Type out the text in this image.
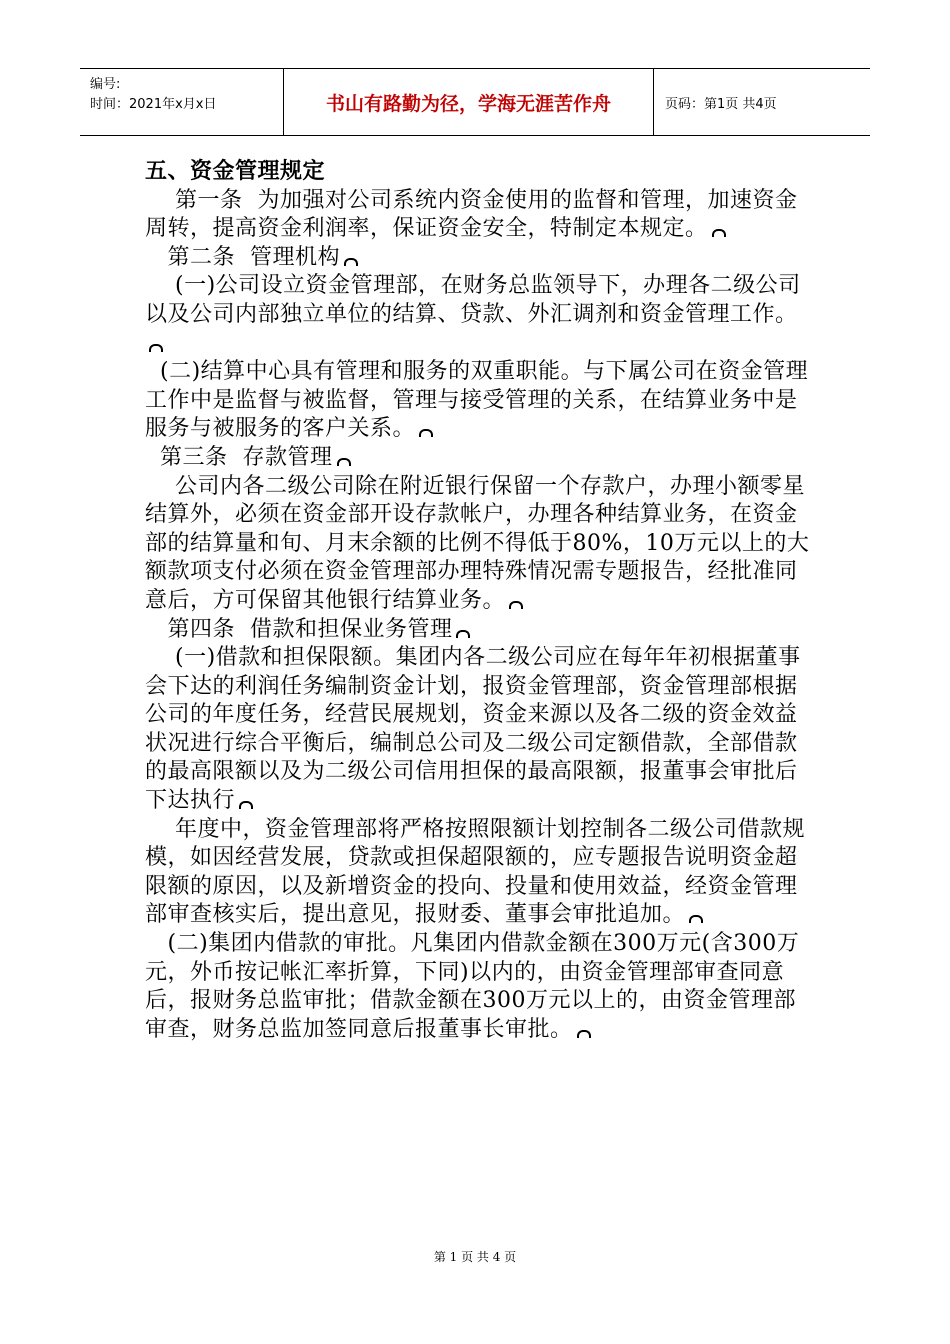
编号:
时间：2021年x月x日	书山有路勤为径，学海无涯苦作舟	页码：第1页 共4页

五、资金管理规定

第一条  为加强对公司系统内资金使用的监督和管理，加速资金周转，提高资金利润率，保证资金安全，特制定本规定。

第二条  管理机构

(一)公司设立资金管理部，在财务总监领导下，办理各二级公司以及公司内部独立单位的结算、贷款、外汇调剂和资金管理工作。

(二)结算中心具有管理和服务的双重职能。与下属公司在资金管理工作中是监督与被监督，管理与接受管理的关系，在结算业务中是服务与被服务的客户关系。

第三条  存款管理

公司内各二级公司除在附近银行保留一个存款户，办理小额零星结算外，必须在资金部开设存款帐户，办理各种结算业务，在资金部的结算量和旬、月末余额的比例不得低于80%，10万元以上的大额款项支付必须在资金管理部办理特殊情况需专题报告，经批准同意后，方可保留其他银行结算业务。

第四条  借款和担保业务管理

(一)借款和担保限额。集团内各二级公司应在每年年初根据董事会下达的利润任务编制资金计划，报资金管理部，资金管理部根据公司的年度任务，经营民展规划，资金来源以及各二级的资金效益状况进行综合平衡后，编制总公司及二级公司定额借款，全部借款的最高限额以及为二级公司信用担保的最高限额，报董事会审批后下达执行

年度中，资金管理部将严格按照限额计划控制各二级公司借款规模，如因经营发展，贷款或担保超限额的，应专题报告说明资金超限额的原因，以及新增资金的投向、投量和使用效益，经资金管理部审查核实后，提出意见，报财委、董事会审批追加。

(二)集团内借款的审批。凡集团内借款金额在300万元(含300万元，外币按记帐汇率折算，下同)以内的，由资金管理部审查同意后，报财务总监审批；借款金额在300万元以上的，由资金管理部审查，财务总监加签同意后报董事长审批。

第 1 页 共 4 页
